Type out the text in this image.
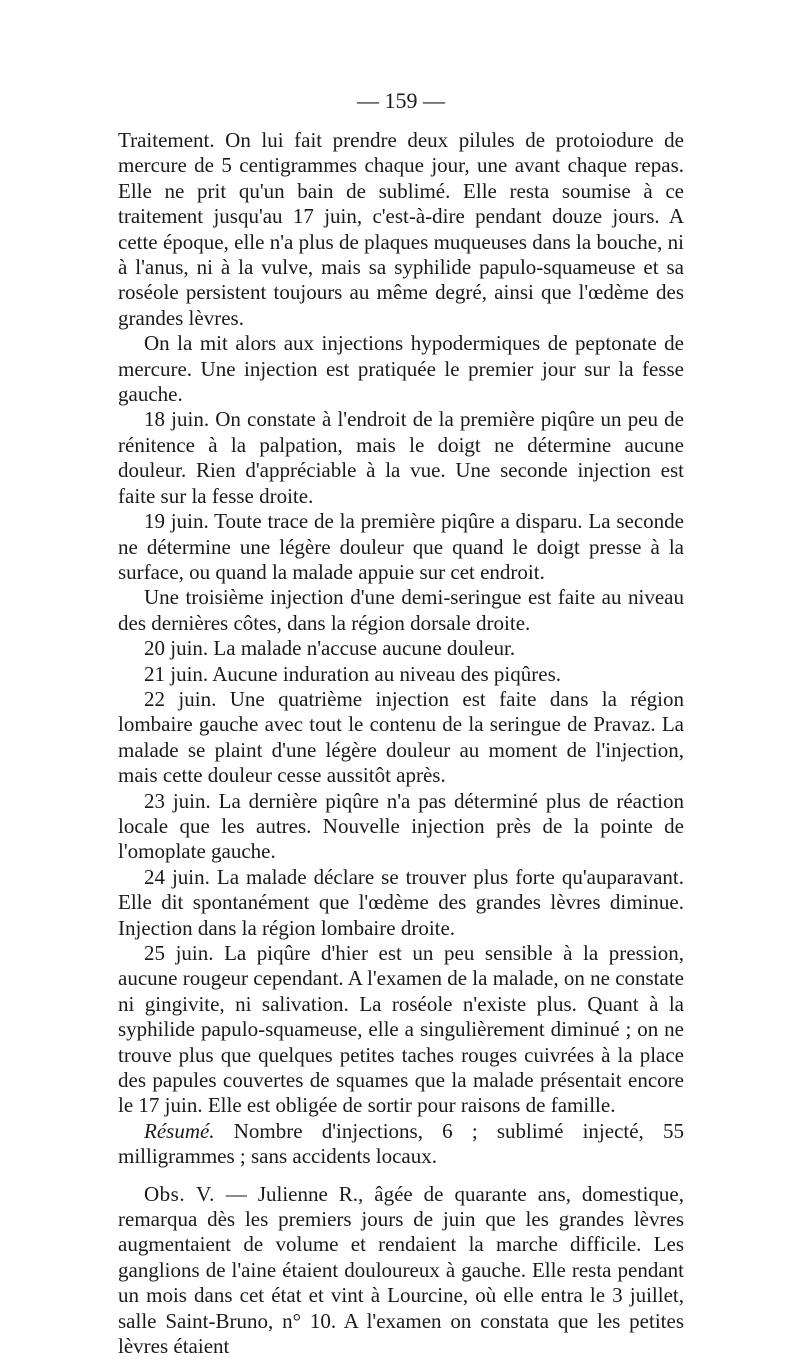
— 159 —

Traitement. On lui fait prendre deux pilules de protoiodure de mercure de 5 centigrammes chaque jour, une avant chaque repas. Elle ne prit qu'un bain de sublimé. Elle resta soumise à ce traitement jusqu'au 17 juin, c'est-à-dire pendant douze jours. A cette époque, elle n'a plus de plaques muqueuses dans la bouche, ni à l'anus, ni à la vulve, mais sa syphilide papulo-squameuse et sa roséole persistent toujours au même degré, ainsi que l'œdème des grandes lèvres.

On la mit alors aux injections hypodermiques de peptonate de mercure. Une injection est pratiquée le premier jour sur la fesse gauche.

18 juin. On constate à l'endroit de la première piqûre un peu de rénitence à la palpation, mais le doigt ne détermine aucune douleur. Rien d'appréciable à la vue. Une seconde injection est faite sur la fesse droite.

19 juin. Toute trace de la première piqûre a disparu. La seconde ne détermine une légère douleur que quand le doigt presse à la surface, ou quand la malade appuie sur cet endroit.

Une troisième injection d'une demi-seringue est faite au niveau des dernières côtes, dans la région dorsale droite.

20 juin. La malade n'accuse aucune douleur.

21 juin. Aucune induration au niveau des piqûres.

22 juin. Une quatrième injection est faite dans la région lombaire gauche avec tout le contenu de la seringue de Pravaz. La malade se plaint d'une légère douleur au moment de l'injection, mais cette douleur cesse aussitôt après.

23 juin. La dernière piqûre n'a pas déterminé plus de réaction locale que les autres. Nouvelle injection près de la pointe de l'omoplate gauche.

24 juin. La malade déclare se trouver plus forte qu'auparavant. Elle dit spontanément que l'œdème des grandes lèvres diminue. Injection dans la région lombaire droite.

25 juin. La piqûre d'hier est un peu sensible à la pression, aucune rougeur cependant. A l'examen de la malade, on ne constate ni gingivite, ni salivation. La roséole n'existe plus. Quant à la syphilide papulo-squameuse, elle a singulièrement diminué ; on ne trouve plus que quelques petites taches rouges cuivrées à la place des papules couvertes de squames que la malade présentait encore le 17 juin. Elle est obligée de sortir pour raisons de famille.

Résumé. Nombre d'injections, 6 ; sublimé injecté, 55 milligrammes ; sans accidents locaux.

Obs. V. — Julienne R., âgée de quarante ans, domestique, remarqua dès les premiers jours de juin que les grandes lèvres augmentaient de volume et rendaient la marche difficile. Les ganglions de l'aine étaient douloureux à gauche. Elle resta pendant un mois dans cet état et vint à Lourcine, où elle entra le 3 juillet, salle Saint-Bruno, n° 10. A l'examen on constata que les petites lèvres étaient
